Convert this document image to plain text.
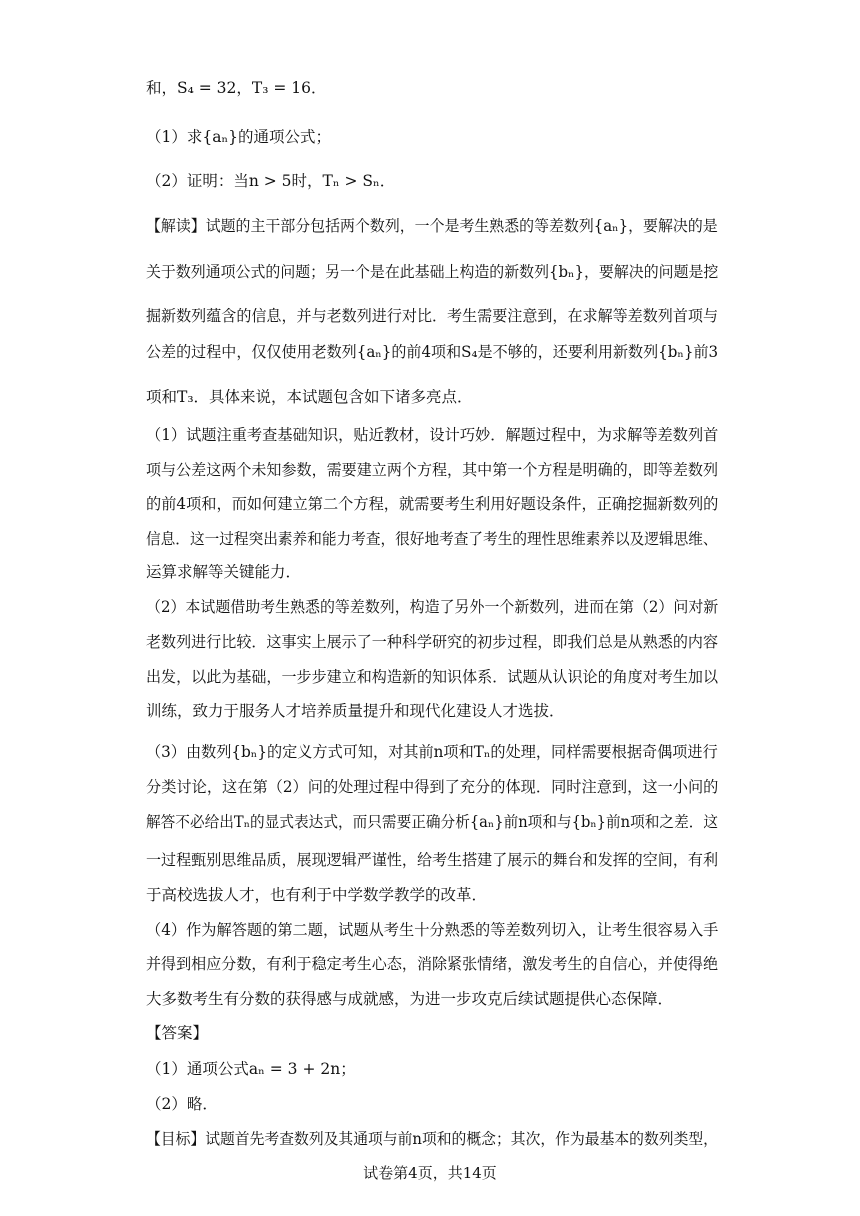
和，S₄ = 32，T₃ = 16．
（1）求{aₙ}的通项公式；
（2）证明：当n > 5时，Tₙ > Sₙ．
【解读】试题的主干部分包括两个数列，一个是考生熟悉的等差数列{aₙ}，要解决的是
关于数列通项公式的问题；另一个是在此基础上构造的新数列{bₙ}，要解决的问题是挖
掘新数列蕴含的信息，并与老数列进行对比．考生需要注意到，在求解等差数列首项与
公差的过程中，仅仅使用老数列{aₙ}的前4项和S₄是不够的，还要利用新数列{bₙ}前3
项和T₃．具体来说，本试题包含如下诸多亮点．
（1）试题注重考查基础知识，贴近教材，设计巧妙．解题过程中，为求解等差数列首
项与公差这两个未知参数，需要建立两个方程，其中第一个方程是明确的，即等差数列
的前4项和，而如何建立第二个方程，就需要考生利用好题设条件，正确挖掘新数列的
信息．这一过程突出素养和能力考查，很好地考查了考生的理性思维素养以及逻辑思维、
运算求解等关键能力．
（2）本试题借助考生熟悉的等差数列，构造了另外一个新数列，进而在第（2）问对新
老数列进行比较．这事实上展示了一种科学研究的初步过程，即我们总是从熟悉的内容
出发，以此为基础，一步步建立和构造新的知识体系．试题从认识论的角度对考生加以
训练，致力于服务人才培养质量提升和现代化建设人才选拔．
（3）由数列{bₙ}的定义方式可知，对其前n项和Tₙ的处理，同样需要根据奇偶项进行
分类讨论，这在第（2）问的处理过程中得到了充分的体现．同时注意到，这一小问的
解答不必给出Tₙ的显式表达式，而只需要正确分析{aₙ}前n项和与{bₙ}前n项和之差．这
一过程甄别思维品质，展现逻辑严谨性，给考生搭建了展示的舞台和发挥的空间，有利
于高校选拔人才，也有利于中学数学教学的改革．
（4）作为解答题的第二题，试题从考生十分熟悉的等差数列切入，让考生很容易入手
并得到相应分数，有利于稳定考生心态，消除紧张情绪，激发考生的自信心，并使得绝
大多数考生有分数的获得感与成就感，为进一步攻克后续试题提供心态保障．
【答案】
（1）通项公式aₙ = 3 + 2n；
（2）略．
【目标】试题首先考查数列及其通项与前n项和的概念；其次，作为最基本的数列类型，
试卷第4页，共14页
